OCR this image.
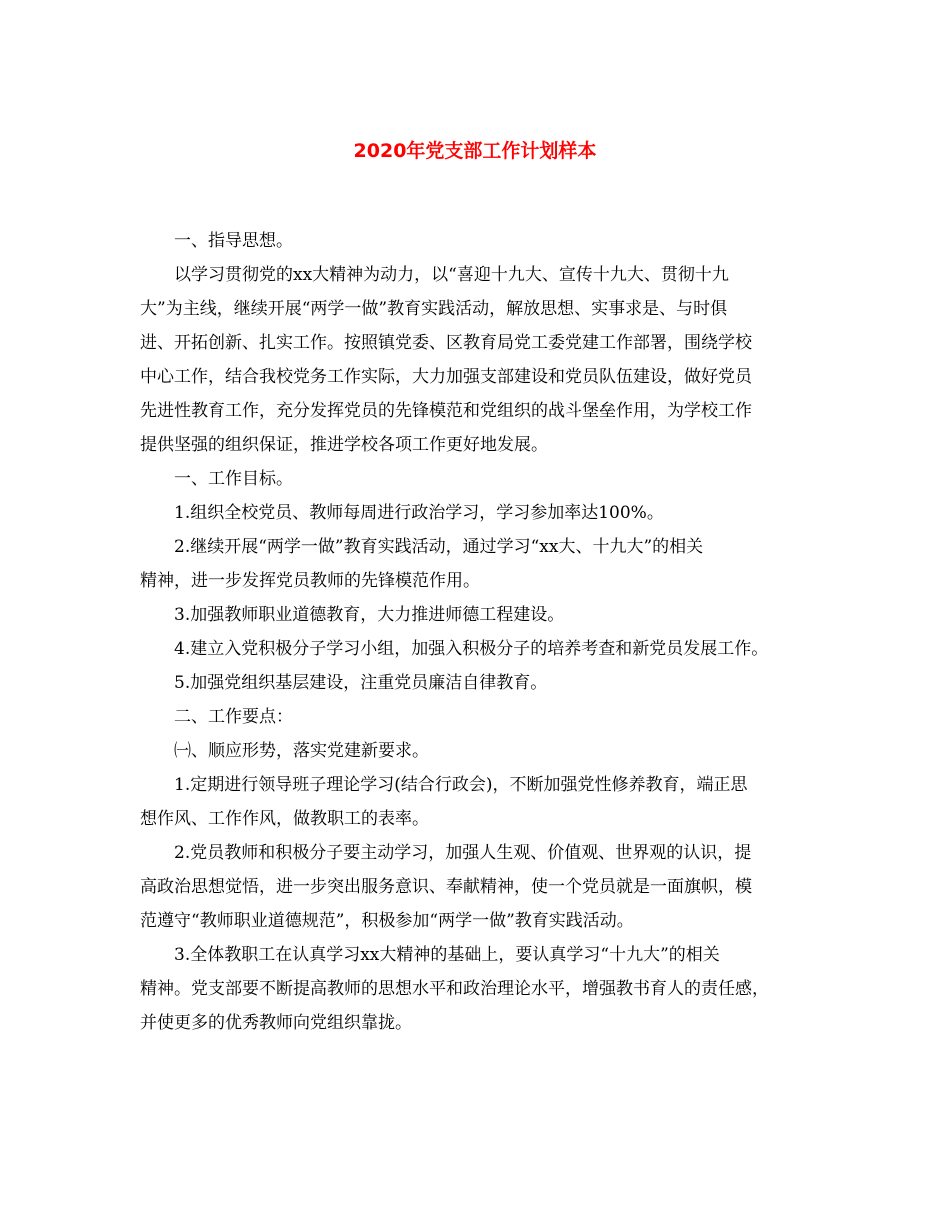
2020年党支部工作计划样本
一、指导思想。
以学习贯彻党的xx大精神为动力，以“喜迎十九大、宣传十九大、贯彻十九
大”为主线，继续开展“两学一做”教育实践活动，解放思想、实事求是、与时俱
进、开拓创新、扎实工作。按照镇党委、区教育局党工委党建工作部署，围绕学校
中心工作，结合我校党务工作实际，大力加强支部建设和党员队伍建设，做好党员
先进性教育工作，充分发挥党员的先锋模范和党组织的战斗堡垒作用，为学校工作
提供坚强的组织保证，推进学校各项工作更好地发展。
一、工作目标。
1.组织全校党员、教师每周进行政治学习，学习参加率达100%。
2.继续开展“两学一做”教育实践活动，通过学习“xx大、十九大”的相关
精神，进一步发挥党员教师的先锋模范作用。
3.加强教师职业道德教育，大力推进师德工程建设。
4.建立入党积极分子学习小组，加强入积极分子的培养考查和新党员发展工作。
5.加强党组织基层建设，注重党员廉洁自律教育。
二、工作要点：
㈠、顺应形势，落实党建新要求。
1.定期进行领导班子理论学习(结合行政会)，不断加强党性修养教育，端正思
想作风、工作作风，做教职工的表率。
2.党员教师和积极分子要主动学习，加强人生观、价值观、世界观的认识，提
高政治思想觉悟，进一步突出服务意识、奉献精神，使一个党员就是一面旗帜，模
范遵守“教师职业道德规范”，积极参加“两学一做”教育实践活动。
3.全体教职工在认真学习xx大精神的基础上，要认真学习“十九大”的相关
精神。党支部要不断提高教师的思想水平和政治理论水平，增强教书育人的责任感，
并使更多的优秀教师向党组织靠拢。
